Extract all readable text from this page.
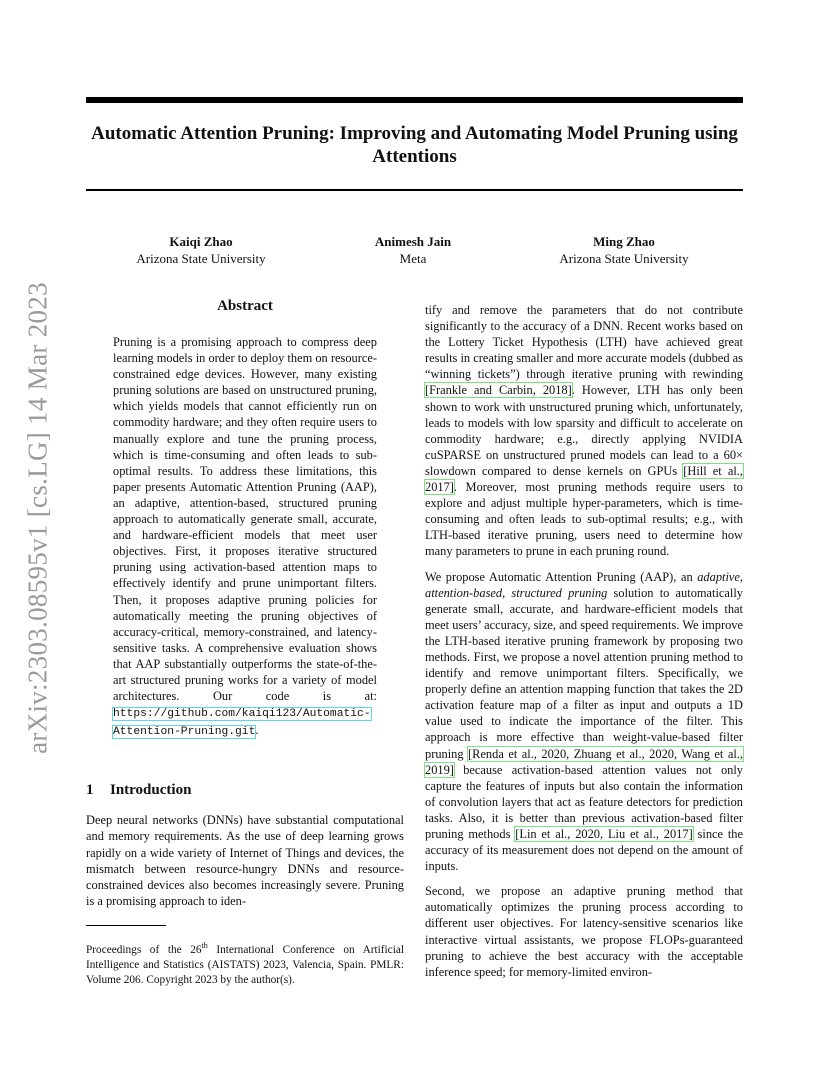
Automatic Attention Pruning: Improving and Automating Model Pruning using Attentions
Kaiqi Zhao
Arizona State University
Animesh Jain
Meta
Ming Zhao
Arizona State University
arXiv:2303.08595v1 [cs.LG] 14 Mar 2023	Abstract

Pruning is a promising approach to compress deep learning models in order to deploy them on resource-constrained edge devices. However, many existing pruning solutions are based on unstructured pruning, which yields models that cannot efficiently run on commodity hardware; and they often require users to manually explore and tune the pruning process, which is time-consuming and often leads to sub-optimal results. To address these limitations, this paper presents Automatic Attention Pruning (AAP), an adaptive, attention-based, structured pruning approach to automatically generate small, accurate, and hardware-efficient models that meet user objectives. First, it proposes iterative structured pruning using activation-based attention maps to effectively identify and prune unimportant filters. Then, it proposes adaptive pruning policies for automatically meeting the pruning objectives of accuracy-critical, memory-constrained, and latency-sensitive tasks. A comprehensive evaluation shows that AAP substantially outperforms the state-of-the-art structured pruning works for a variety of model architectures. Our code is at: https://github.com/kaiqi123/Automatic-Attention-Pruning.git.

1 Introduction

Deep neural networks (DNNs) have substantial computational and memory requirements. As the use of deep learning grows rapidly on a wide variety of Internet of Things and devices, the mismatch between resource-hungry DNNs and resource-constrained devices also becomes increasingly severe. Pruning is a promising approach to iden-

Proceedings of the 26th International Conference on Artificial Intelligence and Statistics (AISTATS) 2023, Valencia, Spain. PMLR: Volume 206. Copyright 2023 by the author(s).

tify and remove the parameters that do not contribute significantly to the accuracy of a DNN. Recent works based on the Lottery Ticket Hypothesis (LTH) have achieved great results in creating smaller and more accurate models (dubbed as “winning tickets”) through iterative pruning with rewinding [Frankle and Carbin, 2018]. However, LTH has only been shown to work with unstructured pruning which, unfortunately, leads to models with low sparsity and difficult to accelerate on commodity hardware; e.g., directly applying NVIDIA cuSPARSE on unstructured pruned models can lead to a 60× slowdown compared to dense kernels on GPUs [Hill et al., 2017]. Moreover, most pruning methods require users to explore and adjust multiple hyper-parameters, which is time-consuming and often leads to sub-optimal results; e.g., with LTH-based iterative pruning, users need to determine how many parameters to prune in each pruning round.

We propose Automatic Attention Pruning (AAP), an adaptive, attention-based, structured pruning solution to automatically generate small, accurate, and hardware-efficient models that meet users’ accuracy, size, and speed requirements. We improve the LTH-based iterative pruning framework by proposing two methods. First, we propose a novel attention pruning method to identify and remove unimportant filters. Specifically, we properly define an attention mapping function that takes the 2D activation feature map of a filter as input and outputs a 1D value used to indicate the importance of the filter. This approach is more effective than weight-value-based filter pruning [Renda et al., 2020, Zhuang et al., 2020, Wang et al., 2019] because activation-based attention values not only capture the features of inputs but also contain the information of convolution layers that act as feature detectors for prediction tasks. Also, it is better than previous activation-based filter pruning methods [Lin et al., 2020, Liu et al., 2017] since the accuracy of its measurement does not depend on the amount of inputs.

Second, we propose an adaptive pruning method that automatically optimizes the pruning process according to different user objectives. For latency-sensitive scenarios like interactive virtual assistants, we propose FLOPs-guaranteed pruning to achieve the best accuracy with the acceptable inference speed; for memory-limited environ-
